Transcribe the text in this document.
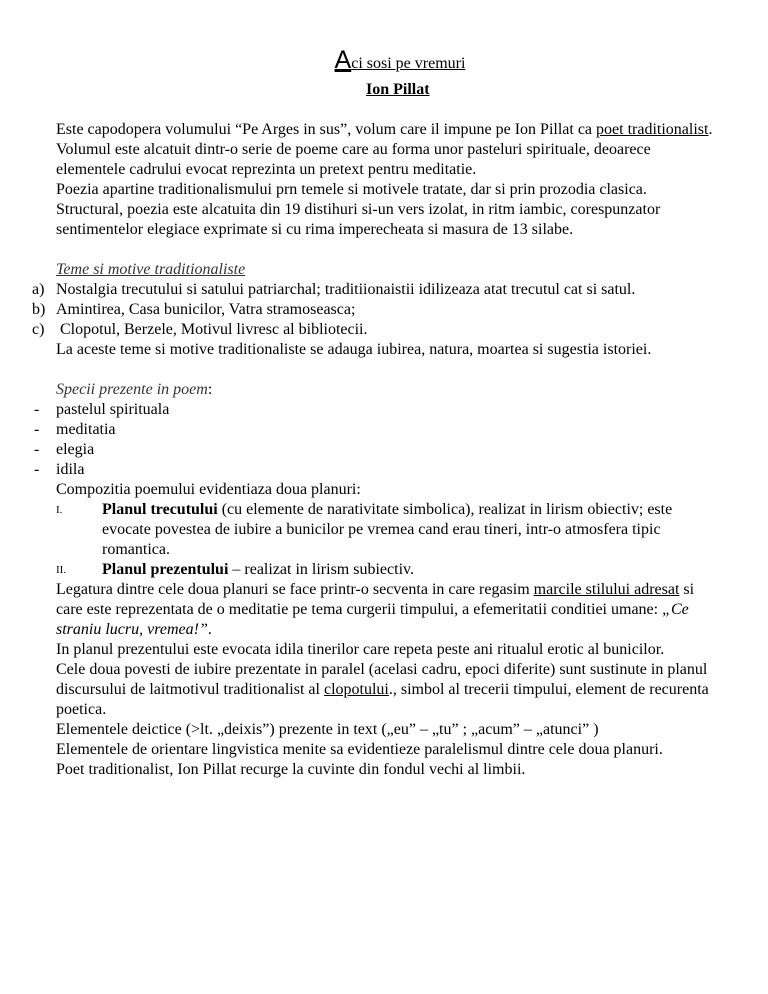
Aci sosi pe vremuri
Ion Pillat

Este capodopera volumului “Pe Arges in sus”, volum care il impune pe Ion Pillat ca poet traditionalist.

Volumul este alcatuit dintr-o serie de poeme care au forma unor pasteluri spirituale, deoarece elementele cadrului evocat reprezinta un pretext pentru meditatie.

Poezia apartine traditionalismului prn temele si motivele tratate, dar si prin prozodia clasica.

Structural, poezia este alcatuita din 19 distihuri si-un vers izolat, in ritm iambic, corespunzator sentimentelor elegiace exprimate si cu rima imperecheata si masura de 13 silabe.

Teme si motive traditionaliste

a) Nostalgia trecutului si satului patriarchal; traditiionaistii idilizeaza atat trecutul cat si satul.
b) Amintirea, Casa bunicilor, Vatra stramoseasca;
c) Clopotul, Berzele, Motivul livresc al bibliotecii.

La aceste teme si motive traditionaliste se adauga iubirea, natura, moartea si sugestia istoriei.

Specii prezente in poem:

- pastelul spirituala
- meditatia
- elegia
- idila

Compozitia poemului evidentiaza doua planuri:

I. Planul trecutului (cu elemente de narativitate simbolica), realizat in lirism obiectiv; este evocate povestea de iubire a bunicilor pe vremea cand erau tineri, intr-o atmosfera tipic romantica.
II. Planul prezentului – realizat in lirism subiectiv.

Legatura dintre cele doua planuri se face printr-o secventa in care regasim marcile stilului adresat si care este reprezentata de o meditatie pe tema curgerii timpului, a efemeritatii conditiei umane: „Ce straniu lucru, vremea!”.

In planul prezentului este evocata idila tinerilor care repeta peste ani ritualul erotic al bunicilor.

Cele doua povesti de iubire prezentate in paralel (acelasi cadru, epoci diferite) sunt sustinute in planul discursului de laitmotivul traditionalist al clopotului., simbol al trecerii timpului, element de recurenta poetica.

Elementele deictice (>lt. „deixis”) prezente in text („eu” – „tu” ; „acum” – „atunci” )

Elementele de orientare lingvistica menite sa evidentieze paralelismul dintre cele doua planuri.

Poet traditionalist, Ion Pillat recurge la cuvinte din fondul vechi al limbii.
